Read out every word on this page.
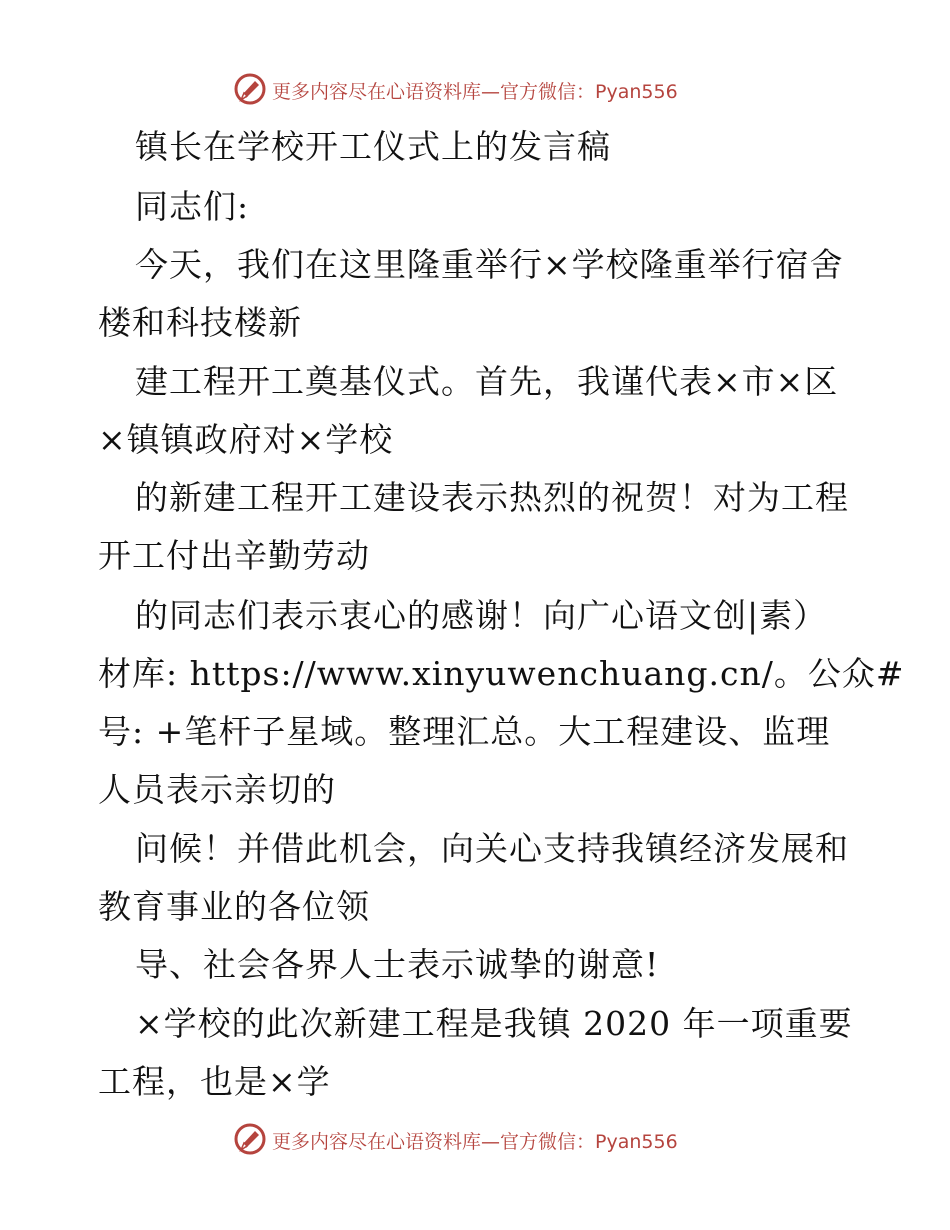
更多内容尽在心语资料库—官方微信：Pyan556
镇长在学校开工仪式上的发言稿
同志们:
今天，我们在这里隆重举行×学校隆重举行宿舍
楼和科技楼新
建工程开工奠基仪式。首先，我谨代表×市×区
×镇镇政府对×学校
的新建工程开工建设表示热烈的祝贺！对为工程
开工付出辛勤劳动
的同志们表示衷心的感谢！向广心语文创|素）
材库: https://www.xinyuwenchuang.cn/。公众#
号: +笔杆子星域。整理汇总。大工程建设、监理
人员表示亲切的
问候！并借此机会，向关心支持我镇经济发展和
教育事业的各位领
导、社会各界人士表示诚挚的谢意!
×学校的此次新建工程是我镇 2020 年一项重要
工程，也是×学
更多内容尽在心语资料库—官方微信：Pyan556
